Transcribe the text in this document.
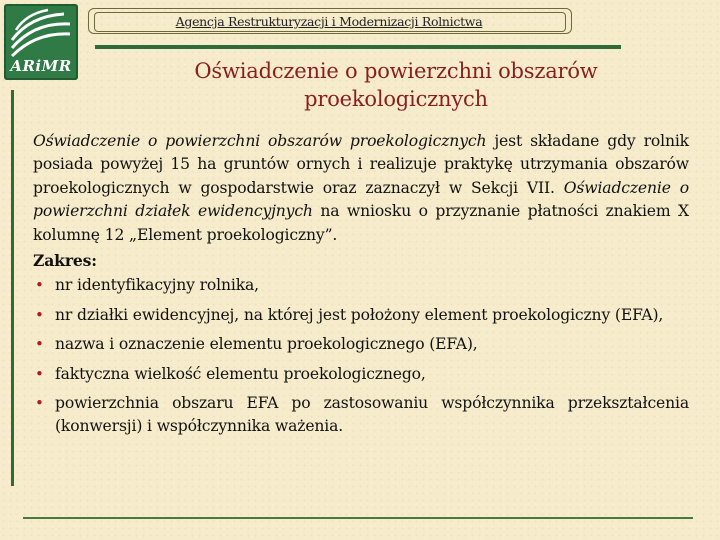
ARiMR
Agencja Restrukturyzacji i Modernizacji Rolnictwa
Oświadczenie o powierzchni obszarów
proekologicznych

Oświadczenie o powierzchni obszarów proekologicznych jest składane gdy rolnik posiada powyżej 15 ha gruntów ornych i realizuje praktykę utrzymania obszarów proekologicznych w gospodarstwie oraz zaznaczył w Sekcji VII. Oświadczenie o powierzchni działek ewidencyjnych na wniosku o przyznanie płatności znakiem X kolumnę 12 „Element proekologiczny”.

Zakres:

• nr identyfikacyjny rolnika,
• nr działki ewidencyjnej, na której jest położony element proekologiczny (EFA),
• nazwa i oznaczenie elementu proekologicznego (EFA),
• faktyczna wielkość elementu proekologicznego,
• powierzchnia obszaru EFA po zastosowaniu współczynnika przekształcenia (konwersji) i współczynnika ważenia.
